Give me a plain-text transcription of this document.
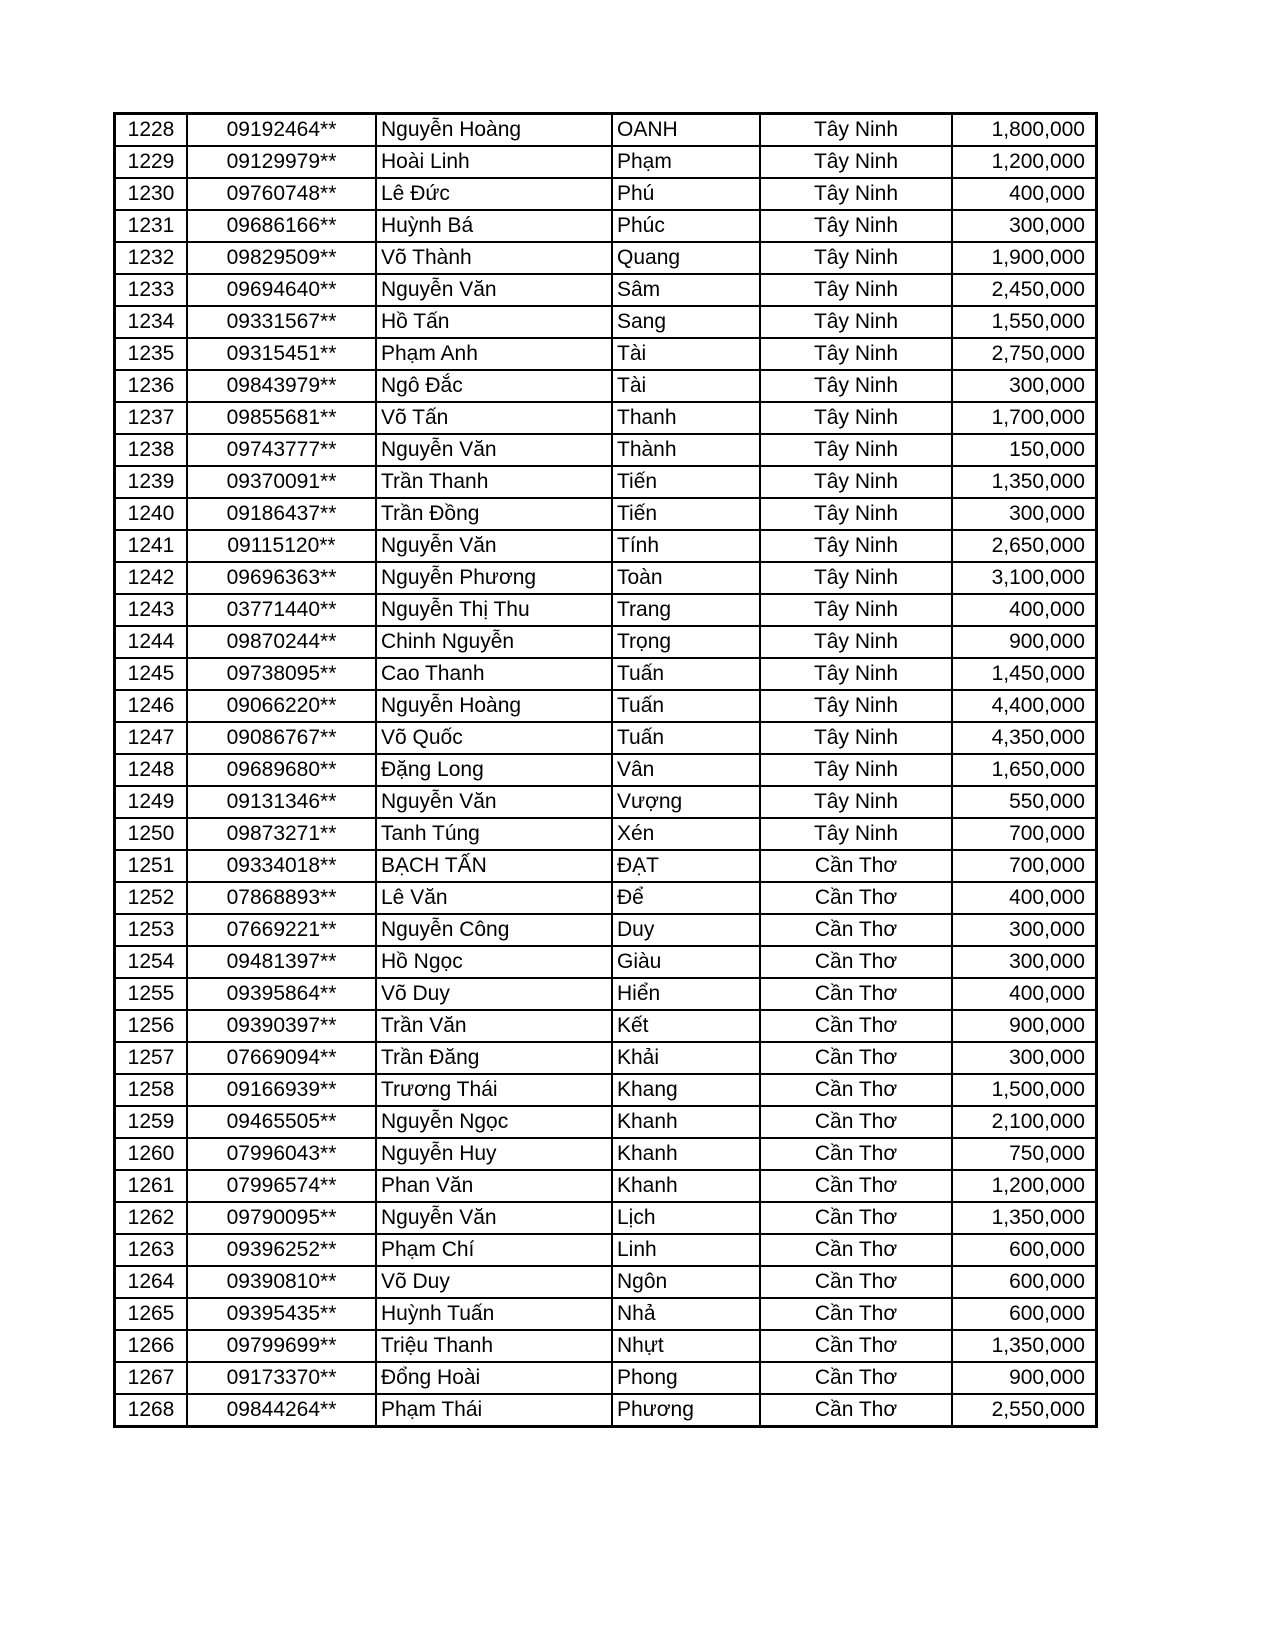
1228	09192464**	Nguyễn Hoàng	OANH	Tây Ninh	1,800,000
1229	09129979**	Hoài Linh	Phạm	Tây Ninh	1,200,000
1230	09760748**	Lê Đức	Phú	Tây Ninh	400,000
1231	09686166**	Huỳnh Bá	Phúc	Tây Ninh	300,000
1232	09829509**	Võ Thành	Quang	Tây Ninh	1,900,000
1233	09694640**	Nguyễn Văn	Sâm	Tây Ninh	2,450,000
1234	09331567**	Hồ Tấn	Sang	Tây Ninh	1,550,000
1235	09315451**	Phạm Anh	Tài	Tây Ninh	2,750,000
1236	09843979**	Ngô Đắc	Tài	Tây Ninh	300,000
1237	09855681**	Võ Tấn	Thanh	Tây Ninh	1,700,000
1238	09743777**	Nguyễn Văn	Thành	Tây Ninh	150,000
1239	09370091**	Trần Thanh	Tiến	Tây Ninh	1,350,000
1240	09186437**	Trần Đồng	Tiến	Tây Ninh	300,000
1241	09115120**	Nguyễn Văn	Tính	Tây Ninh	2,650,000
1242	09696363**	Nguyễn Phương	Toàn	Tây Ninh	3,100,000
1243	03771440**	Nguyễn Thị Thu	Trang	Tây Ninh	400,000
1244	09870244**	Chinh Nguyễn	Trọng	Tây Ninh	900,000
1245	09738095**	Cao Thanh	Tuấn	Tây Ninh	1,450,000
1246	09066220**	Nguyễn Hoàng	Tuấn	Tây Ninh	4,400,000
1247	09086767**	Võ Quốc	Tuấn	Tây Ninh	4,350,000
1248	09689680**	Đặng Long	Vân	Tây Ninh	1,650,000
1249	09131346**	Nguyễn Văn	Vượng	Tây Ninh	550,000
1250	09873271**	Tanh Túng	Xén	Tây Ninh	700,000
1251	09334018**	BẠCH TẤN	ĐẠT	Cần Thơ	700,000
1252	07868893**	Lê Văn	Để	Cần Thơ	400,000
1253	07669221**	Nguyễn Công	Duy	Cần Thơ	300,000
1254	09481397**	Hồ Ngọc	Giàu	Cần Thơ	300,000
1255	09395864**	Võ Duy	Hiển	Cần Thơ	400,000
1256	09390397**	Trần Văn	Kết	Cần Thơ	900,000
1257	07669094**	Trần Đăng	Khải	Cần Thơ	300,000
1258	09166939**	Trương Thái	Khang	Cần Thơ	1,500,000
1259	09465505**	Nguyễn Ngọc	Khanh	Cần Thơ	2,100,000
1260	07996043**	Nguyễn Huy	Khanh	Cần Thơ	750,000
1261	07996574**	Phan Văn	Khanh	Cần Thơ	1,200,000
1262	09790095**	Nguyễn Văn	Lịch	Cần Thơ	1,350,000
1263	09396252**	Phạm Chí	Linh	Cần Thơ	600,000
1264	09390810**	Võ Duy	Ngôn	Cần Thơ	600,000
1265	09395435**	Huỳnh Tuấn	Nhả	Cần Thơ	600,000
1266	09799699**	Triệu Thanh	Nhựt	Cần Thơ	1,350,000
1267	09173370**	Đổng Hoài	Phong	Cần Thơ	900,000
1268	09844264**	Phạm Thái	Phương	Cần Thơ	2,550,000
